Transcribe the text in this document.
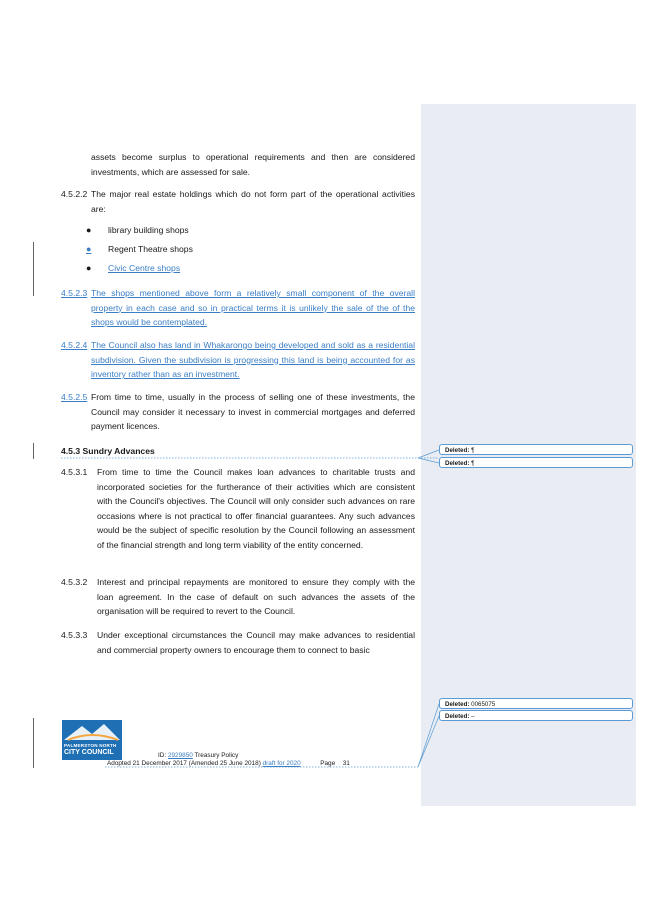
assets become surplus to operational requirements and then are considered investments, which are assessed for sale.
4.5.2.2 The major real estate holdings which do not form part of the operational activities are:
● library building shops
●	Regent Theatre shops
● Civic Centre shops
4.5.2.3 The shops mentioned above form a relatively small component of the overall property in each case and so in practical terms it is unlikely the sale of the of the shops would be contemplated.
4.5.2.4 The Council also has land in Whakarongo being developed and sold as a residential subdivision. Given the subdivision is progressing this land is being accounted for as inventory rather than as an investment.
4.5.2.5 From time to time, usually in the process of selling one of these investments, the Council may consider it necessary to invest in commercial mortgages and deferred payment licences.
4.5.3 Sundry Advances
4.5.3.1 From time to time the Council makes loan advances to charitable trusts and incorporated societies for the furtherance of their activities which are consistent with the Council's objectives. The Council will only consider such advances on rare occasions where is not practical to offer financial guarantees. Any such advances would be the subject of specific resolution by the Council following an assessment of the financial strength and long term viability of the entity concerned.
4.5.3.2 Interest and principal repayments are monitored to ensure they comply with the loan agreement. In the case of default on such advances the assets of the organisation will be required to revert to the Council.
4.5.3.3 Under exceptional circumstances the Council may make advances to residential and commercial property owners to encourage them to connect to basic
Deleted: ¶
Deleted: ¶
Deleted: 0065075
Deleted: –
PALMERSTON NORTH
CITY COUNCIL	ID: 2929850 Treasury Policy
Adopted 21 December 2017 (Amended 25 June 2018) draft for 2020	Page 31
